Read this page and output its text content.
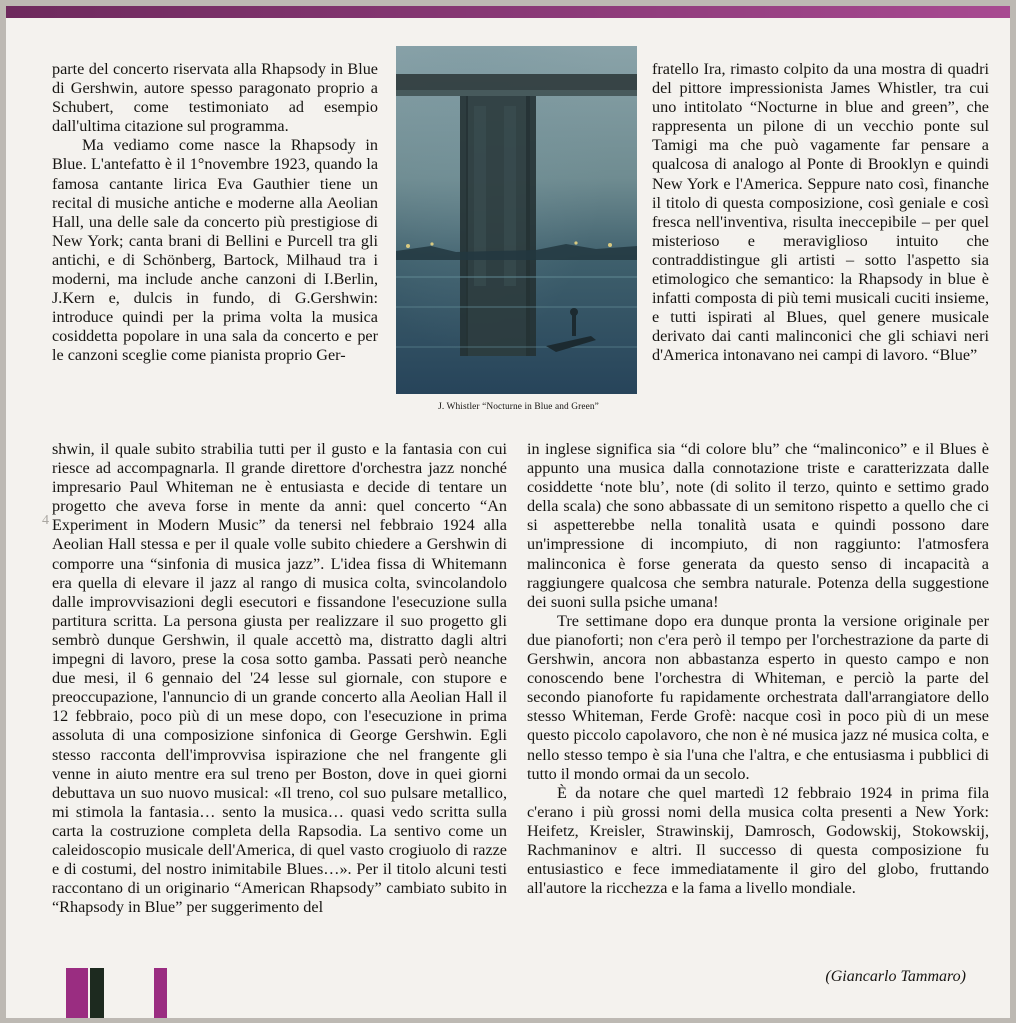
parte del concerto riservata alla Rhapsody in Blue di Gershwin, autore spesso paragonato proprio a Schubert, come testimoniato ad esempio dall'ultima citazione sul programma.

Ma vediamo come nasce la Rhapsody in Blue. L'antefatto è il 1°novembre 1923, quando la famosa cantante lirica Eva Gauthier tiene un recital di musiche antiche e moderne alla Aeolian Hall, una delle sale da concerto più prestigiose di New York; canta brani di Bellini e Purcell tra gli antichi, e di Schönberg, Bartock, Milhaud tra i moderni, ma include anche canzoni di I.Berlin, J.Kern e, dulcis in fundo, di G.Gershwin: introduce quindi per la prima volta la musica cosiddetta popolare in una sala da concerto e per le canzoni sceglie come pianista proprio Ger-

J. Whistler “Nocturne in Blue and Green”

fratello Ira, rimasto colpito da una mostra di quadri del pittore impressionista James Whistler, tra cui uno intitolato “Nocturne in blue and green”, che rappresenta un pilone di un vecchio ponte sul Tamigi ma che può vagamente far pensare a qualcosa di analogo al Ponte di Brooklyn e quindi New York e l'America. Seppure nato così, finanche il titolo di questa composizione, così geniale e così fresca nell'inventiva, risulta ineccepibile – per quel misterioso e meraviglioso intuito che contraddistingue gli artisti – sotto l'aspetto sia etimologico che semantico: la Rhapsody in blue è infatti composta di più temi musicali cuciti insieme, e tutti ispirati al Blues, quel genere musicale derivato dai canti malinconici che gli schiavi neri d'America intonavano nei campi di lavoro. “Blue”

shwin, il quale subito strabilia tutti per il gusto e la fantasia con cui riesce ad accompagnarla. Il grande direttore d'orchestra jazz nonché impresario Paul Whiteman ne è entusiasta e decide di tentare un progetto che aveva forse in mente da anni: quel concerto “An Experiment in Modern Music” da tenersi nel febbraio 1924 alla Aeolian Hall stessa e per il quale volle subito chiedere a Gershwin di comporre una “sinfonia di musica jazz”. L'idea fissa di Whitemann era quella di elevare il jazz al rango di musica colta, svincolandolo dalle improvvisazioni degli esecutori e fissandone l'esecuzione sulla partitura scritta. La persona giusta per realizzare il suo progetto gli sembrò dunque Gershwin, il quale accettò ma, distratto dagli altri impegni di lavoro, prese la cosa sotto gamba. Passati però neanche due mesi, il 6 gennaio del '24 lesse sul giornale, con stupore e preoccupazione, l'annuncio di un grande concerto alla Aeolian Hall il 12 febbraio, poco più di un mese dopo, con l'esecuzione in prima assoluta di una composizione sinfonica di George Gershwin. Egli stesso racconta dell'improvvisa ispirazione che nel frangente gli venne in aiuto mentre era sul treno per Boston, dove in quei giorni debuttava un suo nuovo musical: «Il treno, col suo pulsare metallico, mi stimola la fantasia… sento la musica… quasi vedo scritta sulla carta la costruzione completa della Rapsodia. La sentivo come un caleidoscopio musicale dell'America, di quel vasto crogiuolo di razze e di costumi, del nostro inimitabile Blues…». Per il titolo alcuni testi raccontano di un originario “American Rhapsody” cambiato subito in “Rhapsody in Blue” per suggerimento del

in inglese significa sia “di colore blu” che “malinconico” e il Blues è appunto una musica dalla connotazione triste e caratterizzata dalle cosiddette ‘note blu’, note (di solito il terzo, quinto e settimo grado della scala) che sono abbassate di un semitono rispetto a quello che ci si aspetterebbe nella tonalità usata e quindi possono dare un'impressione di incompiuto, di non raggiunto: l'atmosfera malinconica è forse generata da questo senso di incapacità a raggiungere qualcosa che sembra naturale. Potenza della suggestione dei suoni sulla psiche umana!

Tre settimane dopo era dunque pronta la versione originale per due pianoforti; non c'era però il tempo per l'orchestrazione da parte di Gershwin, ancora non abbastanza esperto in questo campo e non conoscendo bene l'orchestra di Whiteman, e perciò la parte del secondo pianoforte fu rapidamente orchestrata dall'arrangiatore dello stesso Whiteman, Ferde Grofè: nacque così in poco più di un mese questo piccolo capolavoro, che non è né musica jazz né musica colta, e nello stesso tempo è sia l'una che l'altra, e che entusiasma i pubblici di tutto il mondo ormai da un secolo.

È da notare che quel martedì 12 febbraio 1924 in prima fila c'erano i più grossi nomi della musica colta presenti a New York: Heifetz, Kreisler, Strawinskij, Damrosch, Godowskij, Stokowskij, Rachmaninov e altri. Il successo di questa composizione fu entusiastico e fece immediatamente il giro del globo, fruttando all'autore la ricchezza e la fama a livello mondiale.

4
(Giancarlo Tammaro)
